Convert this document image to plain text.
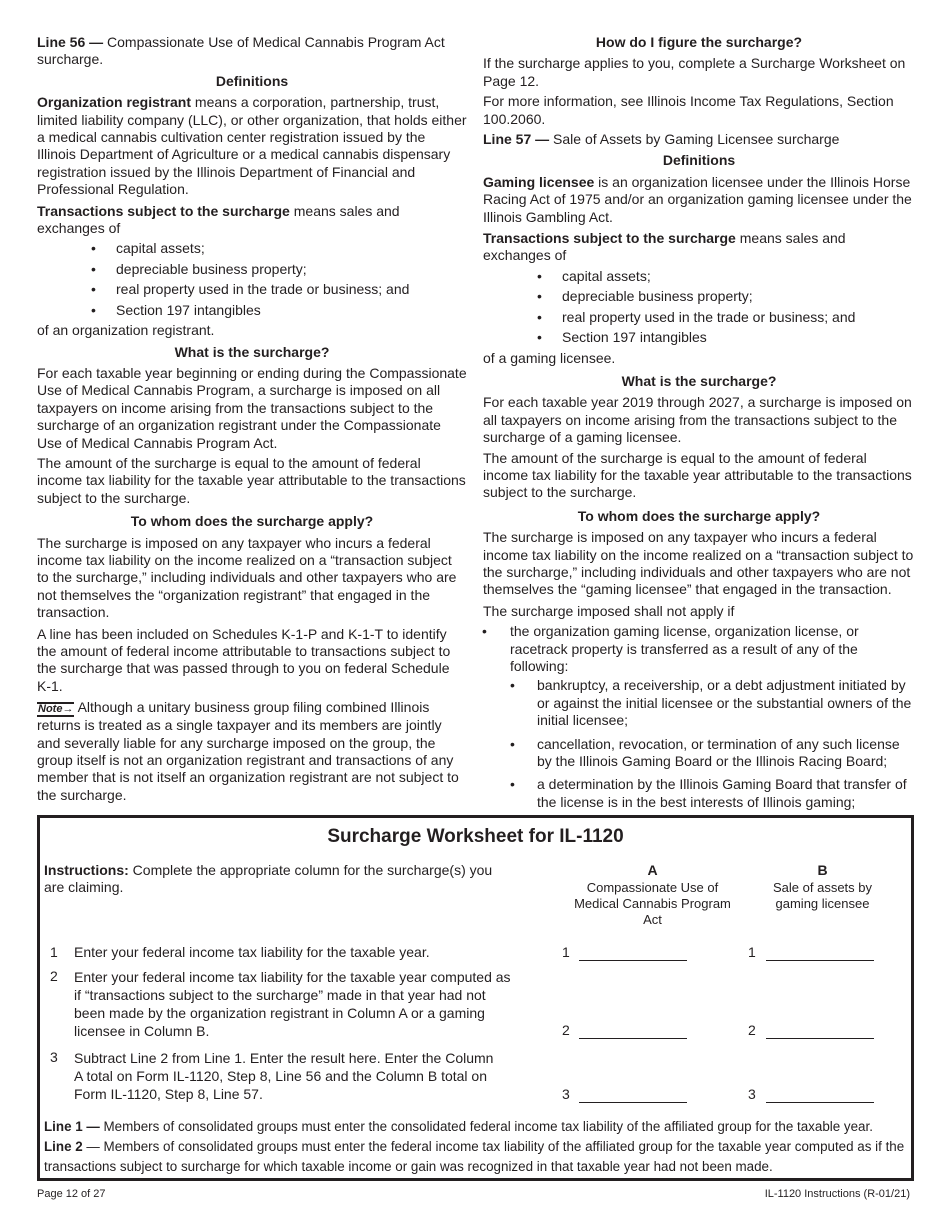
Line 56 — Compassionate Use of Medical Cannabis Program Act surcharge.

Definitions

Organization registrant means a corporation, partnership, trust, limited liability company (LLC), or other organization, that holds either a medical cannabis cultivation center registration issued by the Illinois Department of Agriculture or a medical cannabis dispensary registration issued by the Illinois Department of Financial and Professional Regulation.

Transactions subject to the surcharge means sales and exchanges of

• capital assets;
• depreciable business property;
• real property used in the trade or business; and
• Section 197 intangibles

of an organization registrant.

What is the surcharge?

For each taxable year beginning or ending during the Compassionate Use of Medical Cannabis Program, a surcharge is imposed on all taxpayers on income arising from the transactions subject to the surcharge of an organization registrant under the Compassionate Use of Medical Cannabis Program Act.

The amount of the surcharge is equal to the amount of federal income tax liability for the taxable year attributable to the transactions subject to the surcharge.

To whom does the surcharge apply?

The surcharge is imposed on any taxpayer who incurs a federal income tax liability on the income realized on a “transaction subject to the surcharge,” including individuals and other taxpayers who are not themselves the “organization registrant” that engaged in the transaction.

A line has been included on Schedules K-1-P and K-1-T to identify the amount of federal income attributable to transactions subject to the surcharge that was passed through to you on federal Schedule K-1.

Note→ Although a unitary business group filing combined Illinois returns is treated as a single taxpayer and its members are jointly and severally liable for any surcharge imposed on the group, the group itself is not an organization registrant and transactions of any member that is not itself an organization registrant are not subject to the surcharge.

How do I figure the surcharge?

If the surcharge applies to you, complete a Surcharge Worksheet on Page 12.

For more information, see Illinois Income Tax Regulations, Section 100.2060.

Line 57 — Sale of Assets by Gaming Licensee surcharge

Definitions

Gaming licensee is an organization licensee under the Illinois Horse Racing Act of 1975 and/or an organization gaming licensee under the Illinois Gambling Act.

Transactions subject to the surcharge means sales and exchanges of

• capital assets;
• depreciable business property;
• real property used in the trade or business; and
• Section 197 intangibles

of a gaming licensee.

What is the surcharge?

For each taxable year 2019 through 2027, a surcharge is imposed on all taxpayers on income arising from the transactions subject to the surcharge of a gaming licensee.

The amount of the surcharge is equal to the amount of federal income tax liability for the taxable year attributable to the transactions subject to the surcharge.

To whom does the surcharge apply?

The surcharge is imposed on any taxpayer who incurs a federal income tax liability on the income realized on a “transaction subject to the surcharge,” including individuals and other taxpayers who are not themselves the “gaming licensee” that engaged in the transaction.

The surcharge imposed shall not apply if

• the organization gaming license, organization license, or racetrack property is transferred as a result of any of the following:
• bankruptcy, a receivership, or a debt adjustment initiated by or against the initial licensee or the substantial owners of the initial licensee;
• cancellation, revocation, or termination of any such license by the Illinois Gaming Board or the Illinois Racing Board;
• a determination by the Illinois Gaming Board that transfer of the license is in the best interests of Illinois gaming;
Surcharge Worksheet for IL-1120
Instructions: Complete the appropriate column for the surcharge(s) you are claiming.
A
Compassionate Use of Medical Cannabis Program Act
B
Sale of assets by gaming licensee
1 Enter your federal income tax liability for the taxable year.	1	1
2 Enter your federal income tax liability for the taxable year computed as if “transactions subject to the surcharge” made in that year had not been made by the organization registrant in Column A or a gaming licensee in Column B.	2	2
3 Subtract Line 2 from Line 1. Enter the result here. Enter the Column A total on Form IL-1120, Step 8, Line 56 and the Column B total on Form IL-1120, Step 8, Line 57.	3	3
Line 1 — Members of consolidated groups must enter the consolidated federal income tax liability of the affiliated group for the taxable year.
Line 2 — Members of consolidated groups must enter the federal income tax liability of the affiliated group for the taxable year computed as if the transactions subject to surcharge for which taxable income or gain was recognized in that taxable year had not been made.
Page 12 of 27	IL-1120 Instructions (R-01/21)
